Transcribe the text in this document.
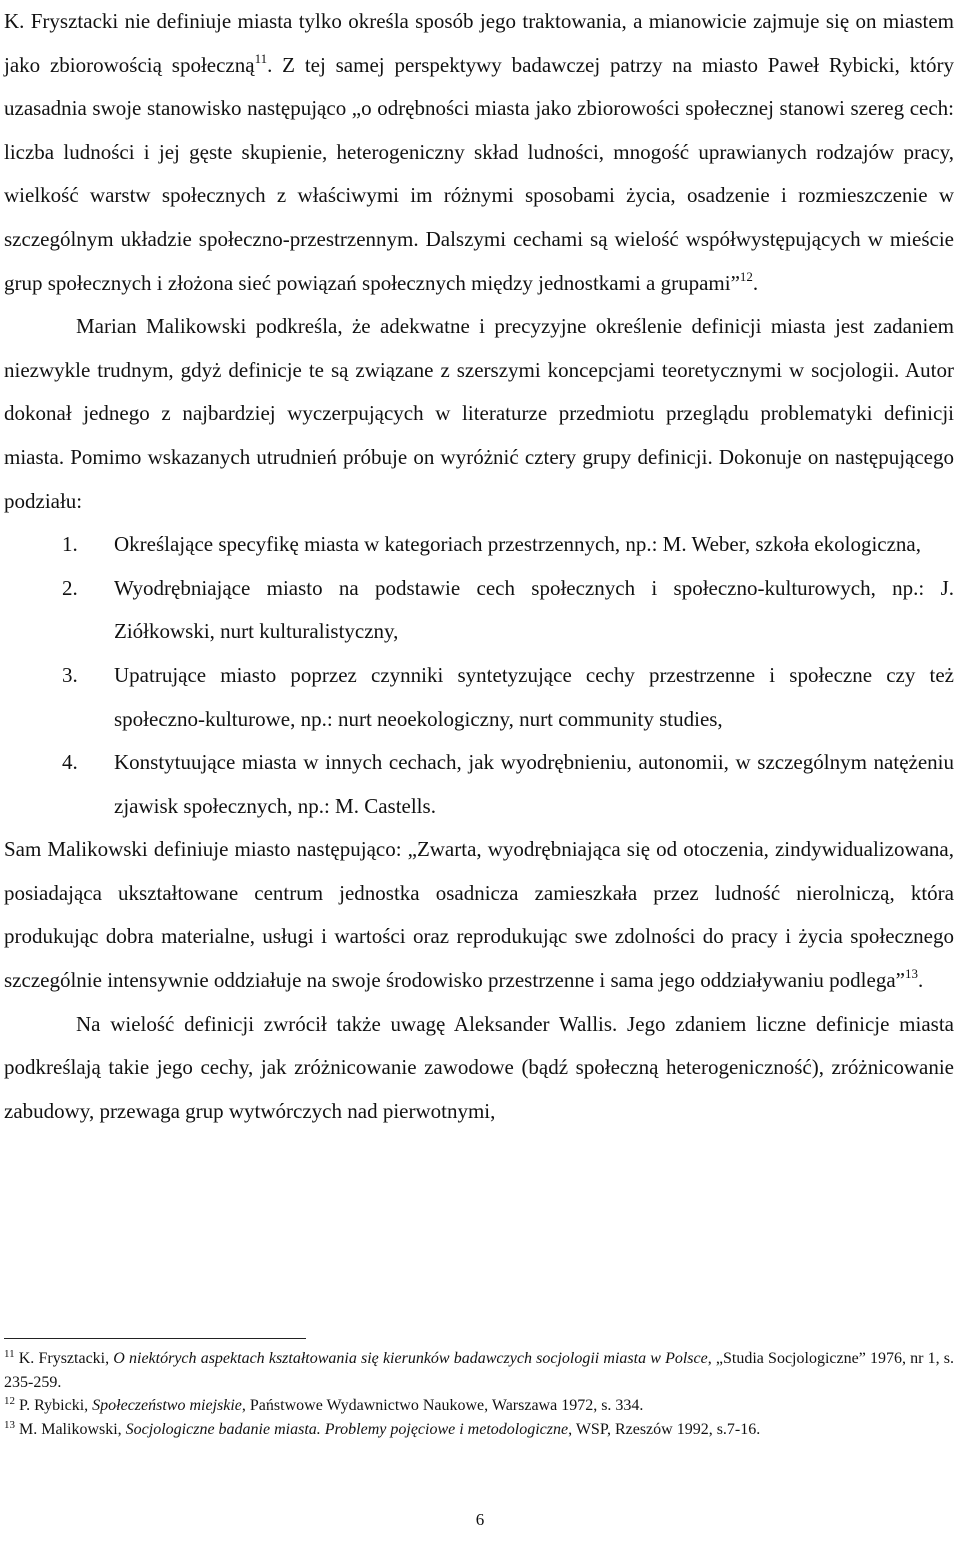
K. Frysztacki nie definiuje miasta tylko określa sposób jego traktowania, a mianowicie zajmuje się on miastem jako zbiorowością społeczną$^{11}$. Z tej samej perspektywy badawczej patrzy na miasto Paweł Rybicki, który uzasadnia swoje stanowisko następująco „o odrębności miasta jako zbiorowości społecznej stanowi szereg cech: liczba ludności i jej gęste skupienie, heterogeniczny skład ludności, mnogość uprawianych rodzajów pracy, wielkość warstw społecznych z właściwymi im różnymi sposobami życia, osadzenie i rozmieszczenie w szczególnym układzie społeczno-przestrzennym. Dalszymi cechami są wielość współwystępujących w mieście grup społecznych i złożona sieć powiązań społecznych między jednostkami a grupami”$^{12}$.

Marian Malikowski podkreśla, że adekwatne i precyzyjne określenie definicji miasta jest zadaniem niezwykle trudnym, gdyż definicje te są związane z szerszymi koncepcjami teoretycznymi w socjologii. Autor dokonał jednego z najbardziej wyczerpujących w literaturze przedmiotu przeglądu problematyki definicji miasta. Pomimo wskazanych utrudnień próbuje on wyróżnić cztery grupy definicji. Dokonuje on następującego podziału:

1. Określające specyfikę miasta w kategoriach przestrzennych, np.: M. Weber, szkoła ekologiczna,
2. Wyodrębniające miasto na podstawie cech społecznych i społeczno-kulturowych, np.: J. Ziółkowski, nurt kulturalistyczny,
3. Upatrujące miasto poprzez czynniki syntetyzujące cechy przestrzenne i społeczne czy też społeczno-kulturowe, np.: nurt neoekologiczny, nurt community studies,
4. Konstytuujące miasta w innych cechach, jak wyodrębnieniu, autonomii, w szczególnym natężeniu zjawisk społecznych, np.: M. Castells.

Sam Malikowski definiuje miasto następująco: „Zwarta, wyodrębniająca się od otoczenia, zindywidualizowana, posiadająca ukształtowane centrum jednostka osadnicza zamieszkała przez ludność nierolniczą, która produkując dobra materialne, usługi i wartości oraz reprodukując swe zdolności do pracy i życia społecznego szczególnie intensywnie oddziałuje na swoje środowisko przestrzenne i sama jego oddziaływaniu podlega”$^{13}$.

Na wielość definicji zwrócił także uwagę Aleksander Wallis. Jego zdaniem liczne definicje miasta podkreślają takie jego cechy, jak zróżnicowanie zawodowe (bądź społeczną heterogeniczność), zróżnicowanie zabudowy, przewaga grup wytwórczych nad pierwotnymi,

$^{11}$ K. Frysztacki, O niektórych aspektach kształtowania się kierunków badawczych socjologii miasta w Polsce, „Studia Socjologiczne” 1976, nr 1, s. 235-259.

$^{12}$ P. Rybicki, Społeczeństwo miejskie, Państwowe Wydawnictwo Naukowe, Warszawa 1972, s. 334.

$^{13}$ M. Malikowski, Socjologiczne badanie miasta. Problemy pojęciowe i metodologiczne, WSP, Rzeszów 1992, s.7-16.

6
